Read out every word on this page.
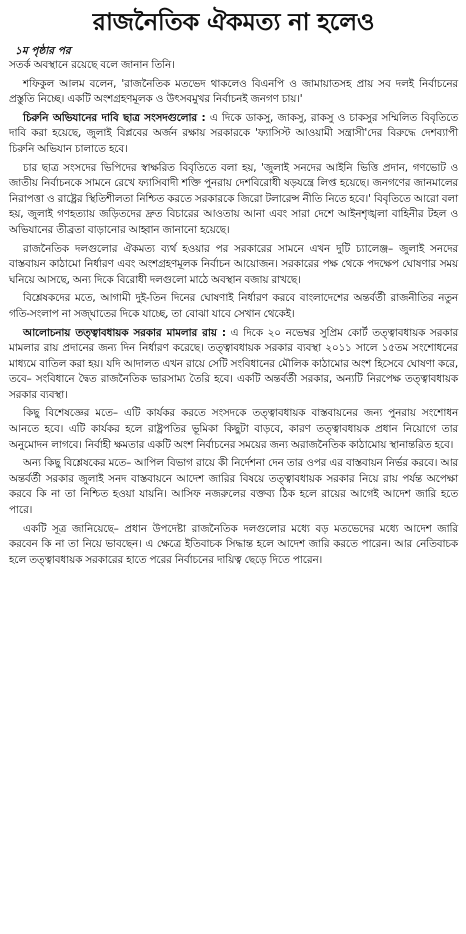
রাজনৈতিক ঐকমত্য না হলেও
১ম পৃষ্ঠার পর

সতর্ক অবস্থানে রয়েছে বলে জানান তিনি।

শফিকুল আলম বলেন, 'রাজনৈতিক মতভেদ থাকলেও বিএনপি ও জামায়াতসহ প্রায় সব দলই নির্বাচনের প্রস্তুতি নিচ্ছে। একটি অংশগ্রহণমূলক ও উৎসবমুখর নির্বাচনই জনগণ চায়।'

চিরুনি অভিযানের দাবি ছাত্র সংসদগুলোর : এ দিকে ডাকসু, জাকসু, রাকসু ও চাকসুর সম্মিলিত বিবৃতিতে দাবি করা হয়েছে, জুলাই বিপ্লবের অর্জন রক্ষায় সরকারকে 'ফ্যাসিস্ট আওয়ামী সন্ত্রাসী'দের বিরুদ্ধে দেশব্যাপী চিরুনি অভিযান চালাতে হবে।

চার ছাত্র সংসদের ভিপিদের স্বাক্ষরিত বিবৃতিতে বলা হয়, 'জুলাই সনদের আইনি ভিত্তি প্রদান, গণভোট ও জাতীয় নির্বাচনকে সামনে রেখে ফ্যাসিবাদী শক্তি পুনরায় দেশবিরোধী ষড়যন্ত্রে লিপ্ত হয়েছে। জনগণের জানমালের নিরাপত্তা ও রাষ্ট্রের স্থিতিশীলতা নিশ্চিত করতে সরকারকে জিরো টলারেন্স নীতি নিতে হবে।' বিবৃতিতে আরো বলা হয়, জুলাই গণহত্যায় জড়িতদের দ্রুত বিচারের আওতায় আনা এবং সারা দেশে আইনশৃঙ্খলা বাহিনীর টহল ও অভিযানের তীব্রতা বাড়ানোর আহ্বান জানানো হয়েছে।

রাজনৈতিক দলগুলোর ঐকমত্য ব্যর্থ হওয়ার পর সরকারের সামনে এখন দুটি চ্যালেঞ্জ– জুলাই সনদের বাস্তবায়ন কাঠামো নির্ধারণ এবং অংশগ্রহণমূলক নির্বাচন আয়োজন। সরকারের পক্ষ থেকে পদক্ষেপ ঘোষণার সময় ঘনিয়ে আসছে, অন্য দিকে বিরোধী দলগুলো মাঠে অবস্থান বজায় রাখছে।

বিশ্লেষকদের মতে, আগামী দুই-তিন দিনের ঘোষণাই নির্ধারণ করবে বাংলাদেশের অন্তর্বর্তী রাজনীতির নতুন গতি-সংলাপ না সজ্ঘাতের দিকে যাচ্ছে, তা বোঝা যাবে সেখান থেকেই।

আলোচনায় তত্ত্বাবধায়ক সরকার মামলার রায় : এ দিকে ২০ নভেম্বর সুপ্রিম কোর্ট তত্ত্বাবধায়ক সরকার মামলার রায় প্রদানের জন্য দিন নির্ধারণ করেছে। তত্ত্বাবধায়ক সরকার ব্যবস্থা ২০১১ সালে ১৫তম সংশোধনের মাধ্যমে বাতিল করা হয়। যদি আদালত এখন রায়ে সেটি সংবিধানের মৌলিক কাঠামোর অংশ হিসেবে ঘোষণা করে, তবে– সংবিধানে দ্বৈত রাজনৈতিক ভারসাম্য তৈরি হবে। একটি অন্তর্বর্তী সরকার, অন্যটি নিরপেক্ষ তত্ত্বাবধায়ক সরকার ব্যবস্থা।

কিছু বিশেষজ্ঞের মতে– এটি কার্যকর করতে সংসদকে তত্ত্বাবধায়ক বাস্তবায়নের জন্য পুনরায় সংশোধন আনতে হবে। এটি কার্যকর হলে রাষ্ট্রপতির ভূমিকা কিছুটা বাড়বে, কারণ তত্ত্বাবধায়ক প্রধান নিয়োগে তার অনুমোদন লাগবে। নির্বাহী ক্ষমতার একটি অংশ নির্বাচনের সময়ের জন্য অরাজনৈতিক কাঠামোয় স্থানান্তরিত হবে।

অন্য কিছু বিশ্লেষকের মতে– আপিল বিভাগ রায়ে কী নির্দেশনা দেন তার ওপর এর বাস্তবায়ন নির্ভর করবে। আর অন্তর্বর্তী সরকার জুলাই সনদ বাস্তবায়নে আদেশ জারির বিষয়ে তত্ত্বাবধায়ক সরকার নিয়ে রায় পর্যন্ত অপেক্ষা করবে কি না তা নিশ্চিত হওয়া যায়নি। আসিফ নজরুলের বক্তব্য ঠিক হলে রায়ের আগেই আদেশ জারি হতে পারে।

একটি সূত্র জানিয়েছে– প্রধান উপদেষ্টা রাজনৈতিক দলগুলোর মধ্যে বড় মতভেদের মধ্যে আদেশ জারি করবেন কি না তা নিয়ে ভাবছেন। এ ক্ষেত্রে ইতিবাচক সিদ্ধান্ত হলে আদেশ জারি করতে পারেন। আর নেতিবাচক হলে তত্ত্বাবধায়ক সরকারের হাতে পরের নির্বাচনের দায়িত্ব ছেড়ে দিতে পারেন।
